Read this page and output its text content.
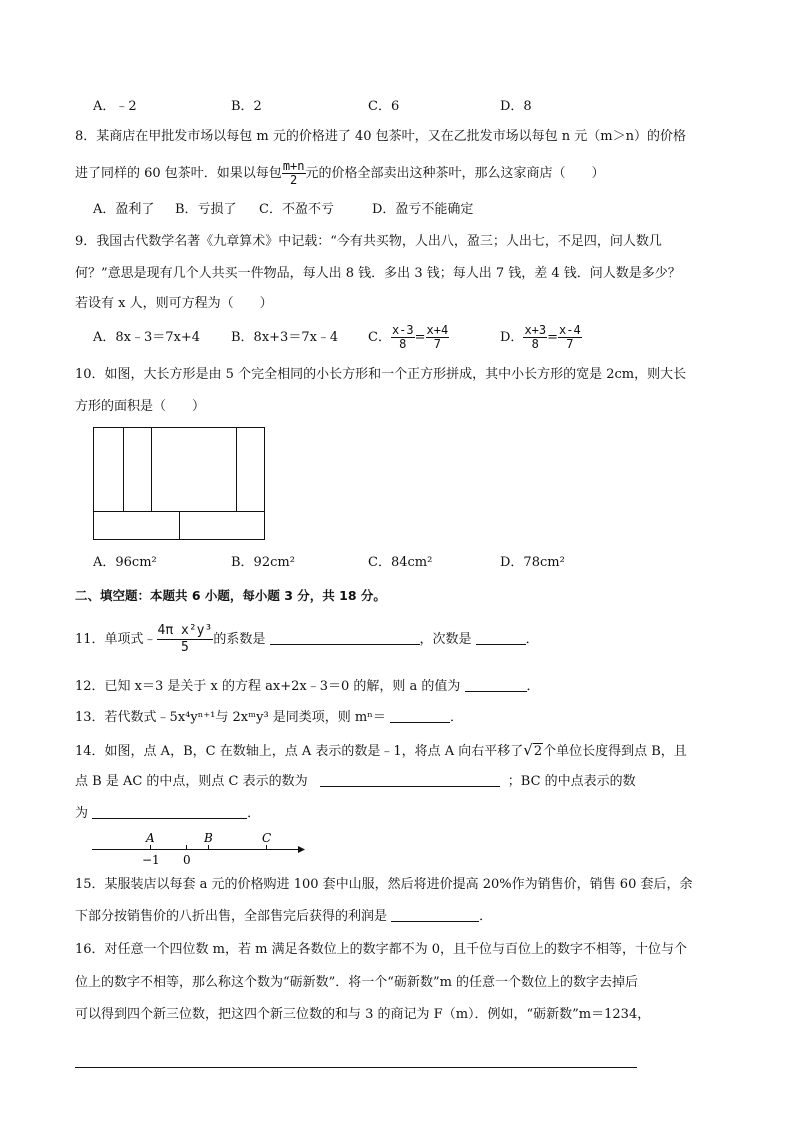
A．﹣2	B．2	C．6	D．8
8．某商店在甲批发市场以每包 m 元的价格进了 40 包茶叶，又在乙批发市场以每包 n 元（m＞n）的价格
进了同样的 60 包茶叶．如果以每包 $\frac{m+n}{2}$ 元的价格全部卖出这种茶叶，那么这家商店（　　）
A．盈利了 B．亏损了 C．不盈不亏	D．盈亏不能确定
9．我国古代数学名著《九章算术》中记载：“今有共买物，人出八，盈三；人出七，不足四，问人数几
何？”意思是现有几个人共买一件物品，每人出 8 钱．多出 3 钱；每人出 7 钱，差 4 钱．问人数是多少？
若设有 x 人，则可方程为（　　）
A．8x﹣3＝7x+4 B．8x+3＝7x﹣4 C． $\frac{x-3}{8} = \frac{x+4}{7}$	D． $\frac{x+3}{8} = \frac{x-4}{7}$
10．如图，大长方形是由 5 个完全相同的小长方形和一个正方形拼成，其中小长方形的宽是 2cm，则大长
方形的面积是（　　）
A．96cm²	B．92cm²	C．84cm²	D．78cm²
二、填空题：本题共 6 小题，每小题 3 分，共 18 分。
11．单项式﹣ $\frac{\text{4π x²y³}}{5}$ 的系数是	，次数是	．
12．已知 x＝3 是关于 x 的方程 ax+2x﹣3＝0 的解，则 a 的值为	．
13．若代数式﹣5x⁴yⁿ⁺¹与 2xᵐy³ 是同类项，则 mⁿ＝	．
14．如图，点 A，B，C 在数轴上，点 A 表示的数是﹣1，将点 A 向右平移了√2个单位长度得到点 B，且
点 B 是 AC 的中点，则点 C 表示的数为	；BC 的中点表示的数
为	．
A	B	C
−1 0
15．某服装店以每套 a 元的价格购进 100 套中山服，然后将进价提高 20%作为销售价，销售 60 套后，余
下部分按销售价的八折出售，全部售完后获得的利润是	．
16．对任意一个四位数 m，若 m 满足各数位上的数字都不为 0，且千位与百位上的数字不相等，十位与个
位上的数字不相等，那么称这个数为“砺新数”．将一个“砺新数”m 的任意一个数位上的数字去掉后
可以得到四个新三位数，把这四个新三位数的和与 3 的商记为 F（m）．例如，“砺新数”m＝1234，
